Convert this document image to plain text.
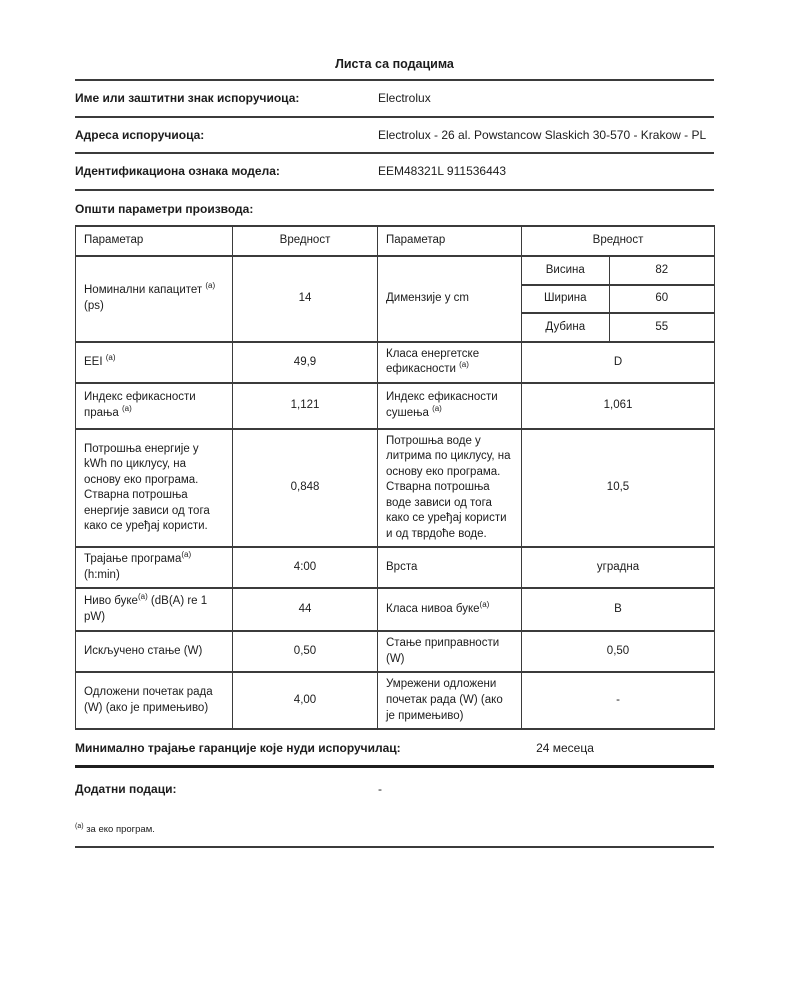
Листа са подацима
Име или заштитни знак испоручиоца:	Electrolux
Адреса испоручиоца:	Electrolux - 26 al. Powstancow Slaskich 30-570 - Krakow - PL
Идентификациона ознака модела:	EEM48321L 911536443
Општи параметри производа:
Параметар	Вредност	Параметар	Вредност
Номинални капацитет $^{(a)}$
(ps)	14	Димензије у cm	
Висина	82
Ширина	60
Дубина	55

EEI $^{(a)}$	49,9	Класа енергетске ефикасности $^{(a)}$	D
Индекс ефикасности прања $^{(a)}$	1,121	Индекс ефикасности сушења $^{(a)}$	1,061
Потрошња енергије у kWh по циклусу, на основу еко програма. Стварна потрошња енергије зависи од тога како се уређај користи.	0,848	Потрошња воде у литрима по циклусу, на основу еко програма. Стварна потрошња воде зависи од тога како се уређај користи и од тврдоће воде.	10,5
Трајање програма$^{(a)}$ (h:min)	4:00	Врста	уградна
Ниво буке$^{(a)}$ (dB(A) re 1 pW)	44	Класа нивоа буке$^{(a)}$	B
Искључено стање (W)	0,50	Стање приправности (W)	0,50
Одложени почетак рада (W) (ако је примењиво)	4,00	Умрежени одложени почетак рада (W) (ако је примењиво)	-
Минимално трајање гаранције које нуди испоручилац:	24 месеца
Додатни подаци:	-
$^{(a)}$ за еко програм.
